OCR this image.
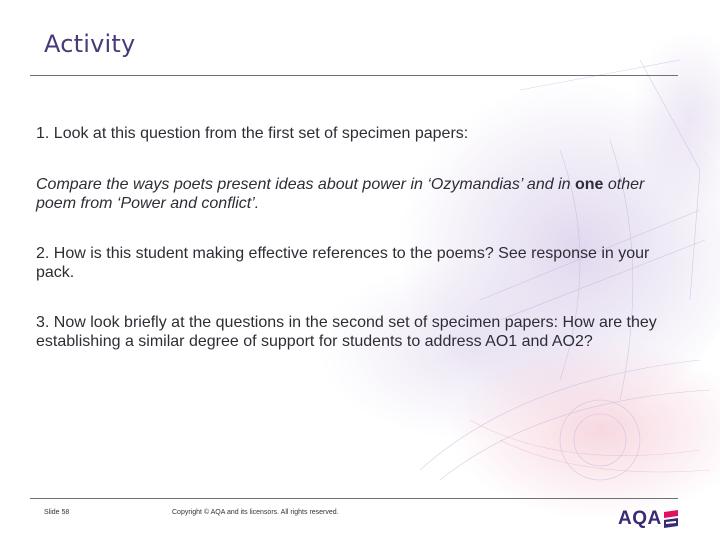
Activity

1. Look at this question from the first set of specimen papers:

Compare the ways poets present ideas about power in ‘Ozymandias’ and in one other poem from ‘Power and conflict’.

2. How is this student making effective references to the poems? See response in your pack.

3. Now look briefly at the questions in the second set of specimen papers: How are they establishing a similar degree of support for students to address AO1 and AO2?

Slide 58	Copyright © AQA and its licensors. All rights reserved.	AQA
